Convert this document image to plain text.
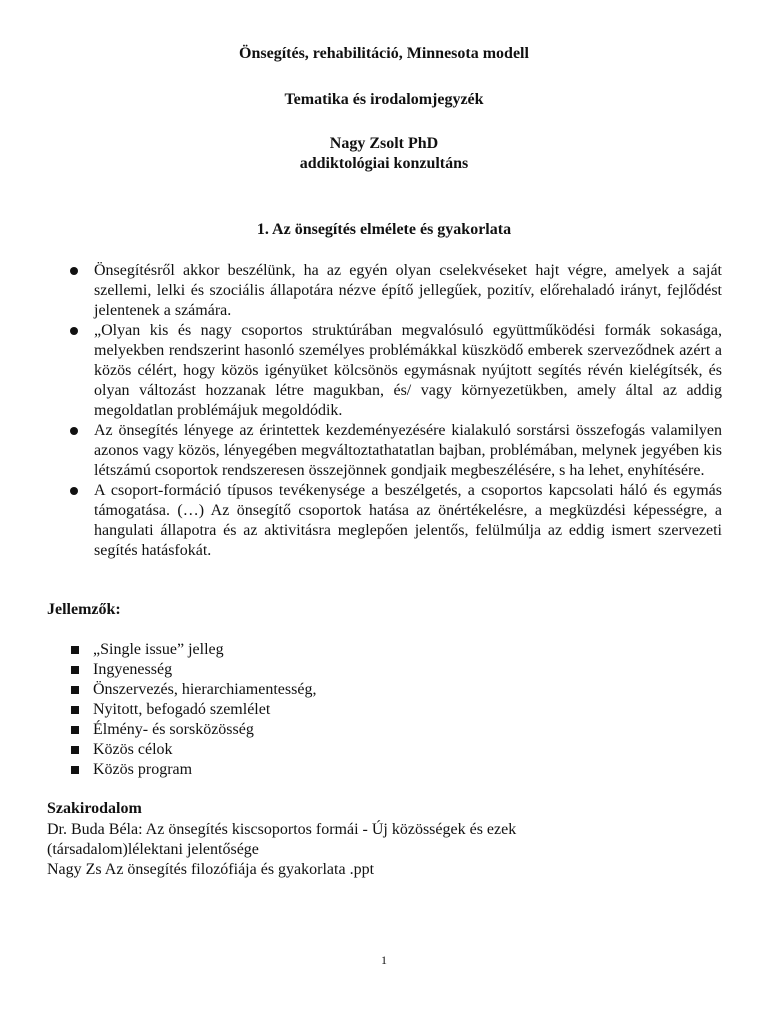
Önsegítés, rehabilitáció, Minnesota modell
Tematika és irodalomjegyzék
Nagy Zsolt PhD
addiktológiai konzultáns
1. Az önsegítés elmélete és gyakorlata
Önsegítésről akkor beszélünk, ha az egyén olyan cselekvéseket hajt végre, amelyek a saját szellemi, lelki és szociális állapotára nézve építő jellegűek, pozitív, előrehaladó irányt, fejlődést jelentenek a számára.
„Olyan kis és nagy csoportos struktúrában megvalósuló együttműködési formák sokasága, melyekben rendszerint hasonló személyes problémákkal küszködő emberek szerveződnek azért a közös célért, hogy közös igényüket kölcsönös egymásnak nyújtott segítés révén kielégítsék, és olyan változást hozzanak létre magukban, és/ vagy környezetükben, amely által az addig megoldatlan problémájuk megoldódik.
Az önsegítés lényege az érintettek kezdeményezésére kialakuló sorstársi összefogás valamilyen azonos vagy közös, lényegében megváltoztathatatlan bajban, problémában, melynek jegyében kis létszámú csoportok rendszeresen összejönnek gondjaik megbeszélésére, s ha lehet, enyhítésére.
A csoport-formáció típusos tevékenysége a beszélgetés, a csoportos kapcsolati háló és egymás támogatása. (…) Az önsegítő csoportok hatása az önértékelésre, a megküzdési képességre, a hangulati állapotra és az aktivitásra meglepően jelentős, felülmúlja az eddig ismert szervezeti segítés hatásfokát.
Jellemzők:
„Single issue” jelleg
Ingyenesség
Önszervezés, hierarchiamentesség,
Nyitott, befogadó szemlélet
Élmény- és sorsközösség
Közös célok
Közös program
Szakirodalom
Dr. Buda Béla: Az önsegítés kiscsoportos formái - Új közösségek és ezek
(társadalom)lélektani jelentősége
Nagy Zs Az önsegítés filozófiája és gyakorlata .ppt
1
